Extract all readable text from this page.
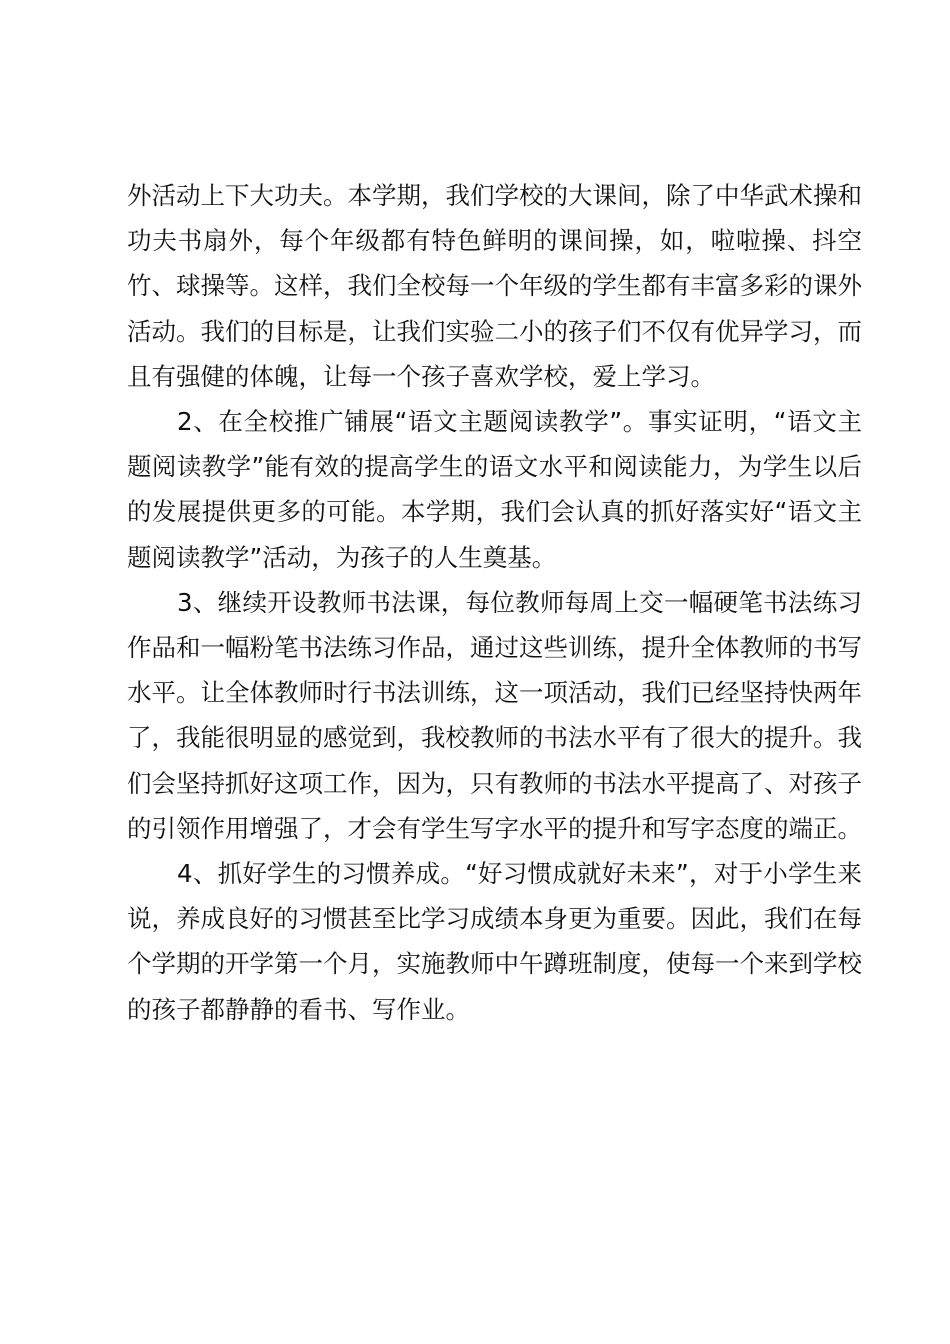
外活动上下大功夫。本学期，我们学校的大课间，除了中华武术操和功夫书扇外，每个年级都有特色鲜明的课间操，如，啦啦操、抖空竹、球操等。这样，我们全校每一个年级的学生都有丰富多彩的课外活动。我们的目标是，让我们实验二小的孩子们不仅有优异学习，而且有强健的体魄，让每一个孩子喜欢学校，爱上学习。

2、在全校推广铺展“语文主题阅读教学”。事实证明，“语文主题阅读教学”能有效的提高学生的语文水平和阅读能力，为学生以后的发展提供更多的可能。本学期，我们会认真的抓好落实好“语文主题阅读教学”活动，为孩子的人生奠基。

3、继续开设教师书法课，每位教师每周上交一幅硬笔书法练习作品和一幅粉笔书法练习作品，通过这些训练，提升全体教师的书写水平。让全体教师时行书法训练，这一项活动，我们已经坚持快两年了，我能很明显的感觉到，我校教师的书法水平有了很大的提升。我们会坚持抓好这项工作，因为，只有教师的书法水平提高了、对孩子的引领作用增强了，才会有学生写字水平的提升和写字态度的端正。

4、抓好学生的习惯养成。“好习惯成就好未来”，对于小学生来说，养成良好的习惯甚至比学习成绩本身更为重要。因此，我们在每个学期的开学第一个月，实施教师中午蹲班制度，使每一个来到学校的孩子都静静的看书、写作业。
